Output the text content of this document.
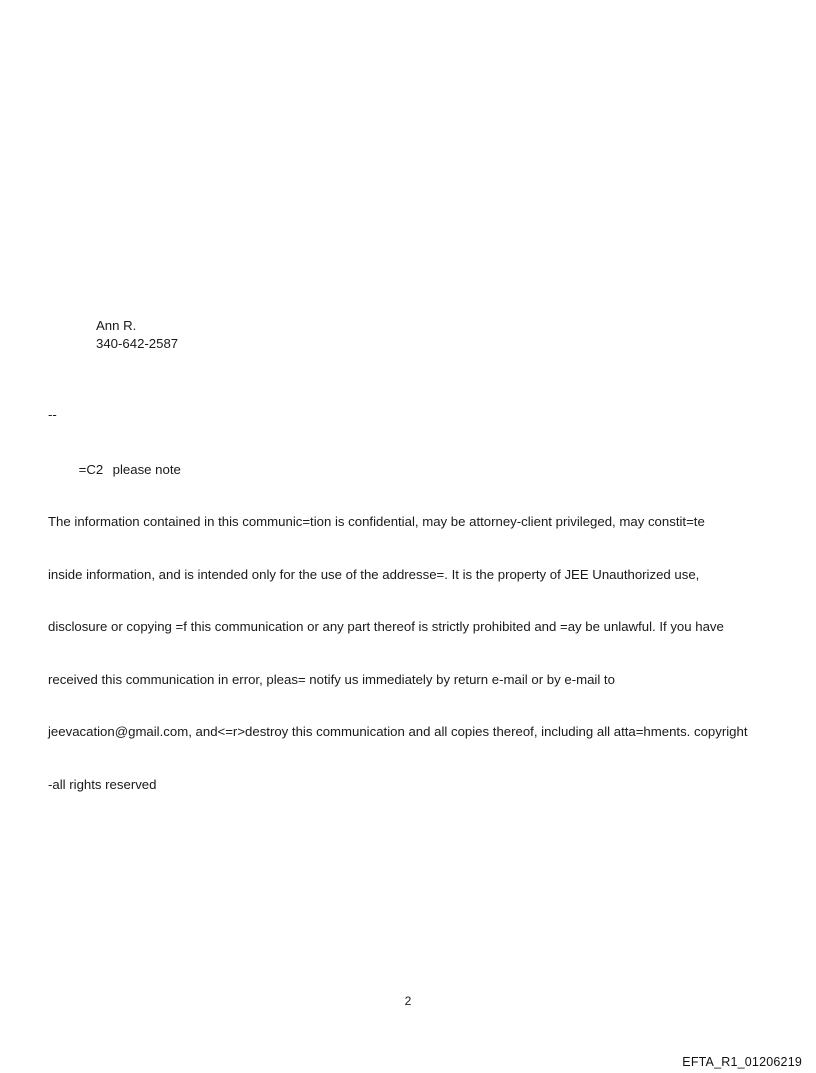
Ann R.
340-642-2587
--

=C2 please note

The information contained in this communic=tion is confidential, may be attorney-client privileged, may constit=te

inside information, and is intended only for the use of the addresse=. It is the property of JEE Unauthorized use,

disclosure or copying =f this communication or any part thereof is strictly prohibited and =ay be unlawful. If you have

received this communication in error, pleas= notify us immediately by return e-mail or by e-mail to

jeevacation@gmail.com, and<=r>destroy this communication and all copies thereof, including all atta=hments. copyright

-all rights reserved

2
EFTA_R1_01206219
